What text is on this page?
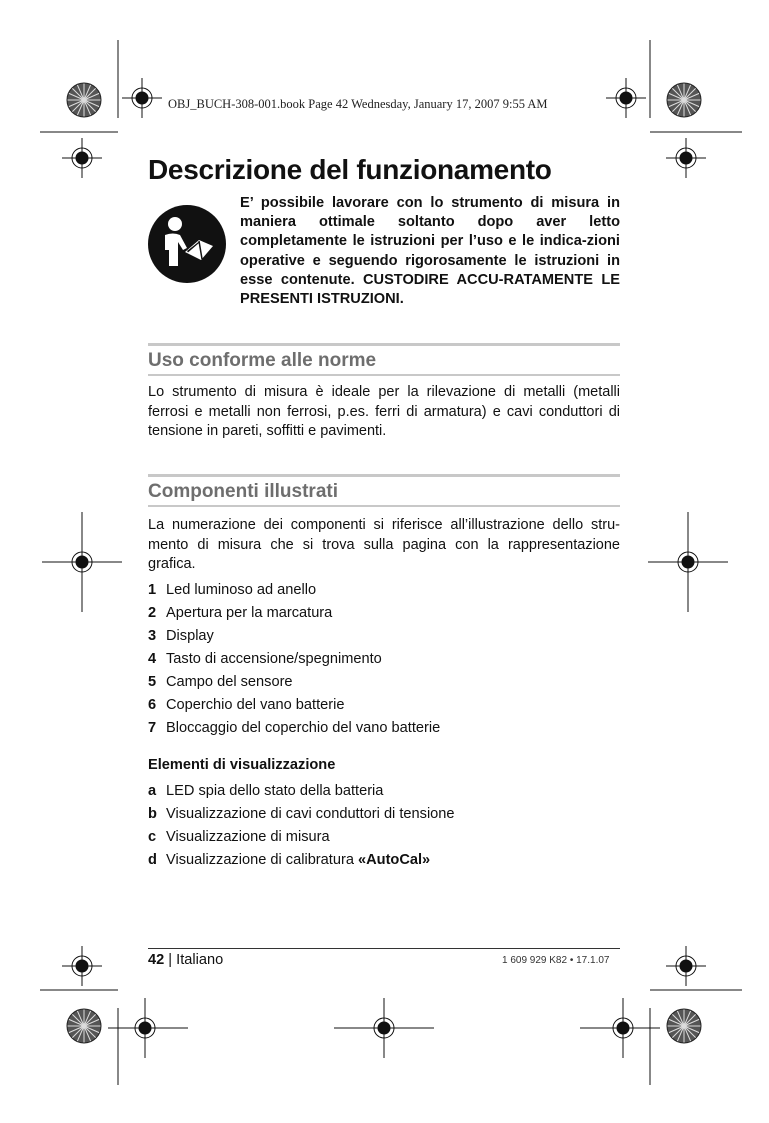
OBJ_BUCH-308-001.book Page 42 Wednesday, January 17, 2007 9:55 AM
Descrizione del funzionamento
E’ possibile lavorare con lo strumento di misura in maniera ottimale soltanto dopo aver letto completamente le istruzioni per l’uso e le indica-zioni operative e seguendo rigorosamente le istruzioni in esse contenute. CUSTODIRE ACCU-RATAMENTE LE PRESENTI ISTRUZIONI.
Uso conforme alle norme
Lo strumento di misura è ideale per la rilevazione di metalli (metalli ferrosi e metalli non ferrosi, p.es. ferri di armatura) e cavi conduttori di tensione in pareti, soffitti e pavimenti.
Componenti illustrati
La numerazione dei componenti si riferisce all’illustrazione dello stru-mento di misura che si trova sulla pagina con la rappresentazione grafica.
1 Led luminoso ad anello
2 Apertura per la marcatura
3 Display
4 Tasto di accensione/spegnimento
5 Campo del sensore
6 Coperchio del vano batterie
7 Bloccaggio del coperchio del vano batterie
Elementi di visualizzazione
a LED spia dello stato della batteria
b Visualizzazione di cavi conduttori di tensione
c Visualizzazione di misura
d Visualizzazione di calibratura «AutoCal»
42 | Italiano	1 609 929 K82 • 17.1.07
